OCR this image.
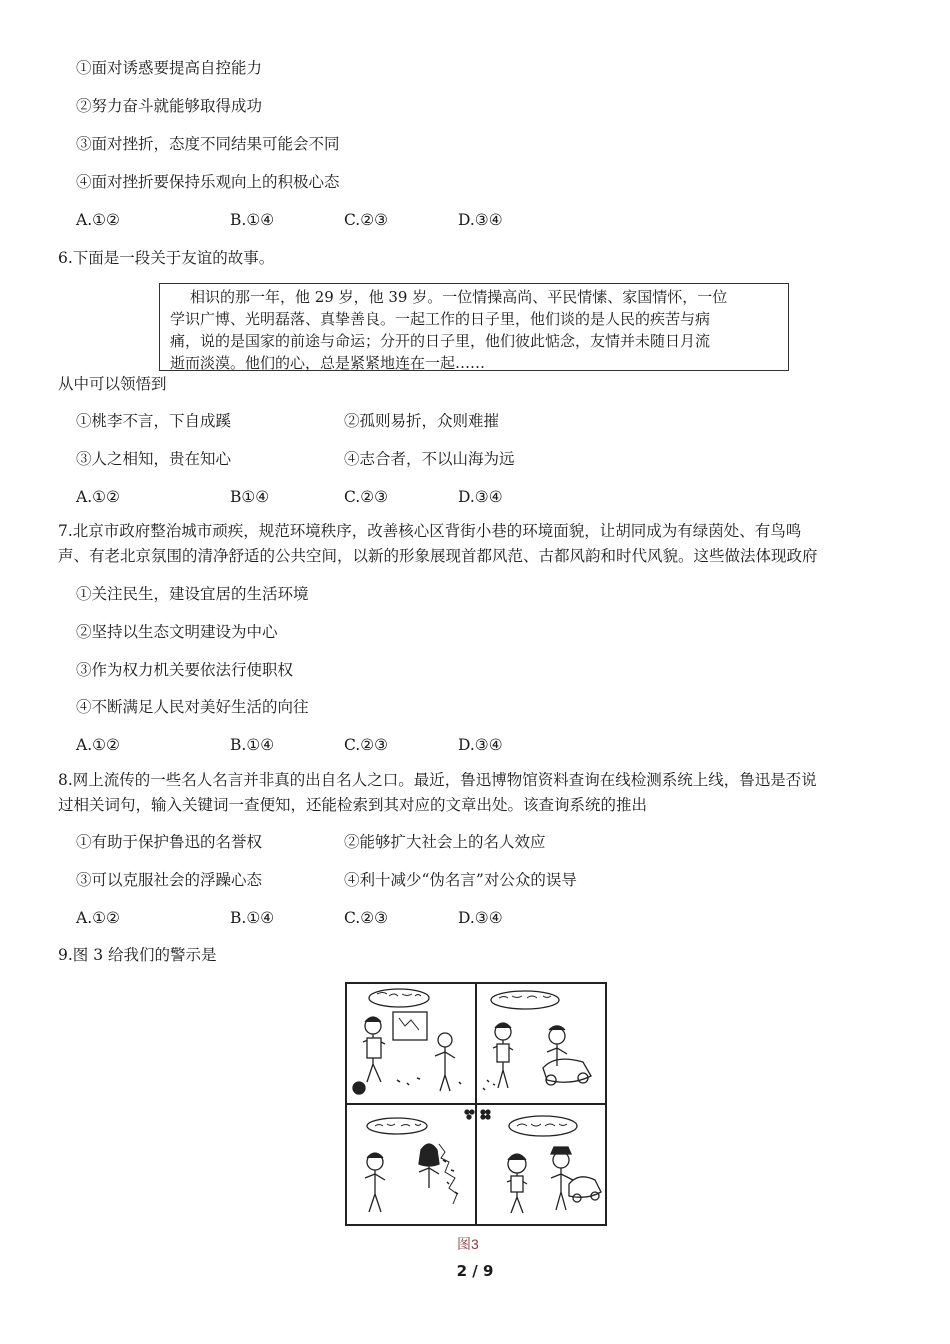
①面对诱惑要提高自控能力
②努力奋斗就能够取得成功
③面对挫折，态度不同结果可能会不同
④面对挫折要保持乐观向上的积极心态
A.①②	B.①④	C.②③	D.③④
6.下面是一段关于友谊的故事。
相识的那一年，他 29 岁，他 39 岁。一位情操高尚、平民情愫、家国情怀，一位
学识广博、光明磊落、真挚善良。一起工作的日子里，他们谈的是人民的疾苦与病
痛，说的是国家的前途与命运；分开的日子里，他们彼此惦念，友情并未随日月流
逝而淡漠。他们的心，总是紧紧地连在一起……
从中可以领悟到
①桃李不言，下自成蹊	②孤则易折，众则难摧
③人之相知，贵在知心	④志合者，不以山海为远
A.①②	B①④	C.②③	D.③④
7.北京市政府整治城市顽疾，规范环境秩序，改善核心区背街小巷的环境面貌，让胡同成为有绿茵处、有鸟鸣
声、有老北京氛围的清净舒适的公共空间，以新的形象展现首都风范、古都风韵和时代风貌。这些做法体现政府
①关注民生，建设宜居的生活环境
②坚持以生态文明建设为中心
③作为权力机关要依法行使职权
④不断满足人民对美好生活的向往
A.①②	B.①④	C.②③	D.③④
8.网上流传的一些名人名言并非真的出自名人之口。最近，鲁迅博物馆资料查询在线检测系统上线，鲁迅是否说
过相关词句，输入关键词一查便知，还能检索到其对应的文章出处。该查询系统的推出
①有助于保护鲁迅的名誉权	②能够扩大社会上的名人效应
③可以克服社会的浮躁心态	④利十减少“伪名言”对公众的误导
A.①②	B.①④	C.②③	D.③④
9.图 3 给我们的警示是
图3
2 / 9
